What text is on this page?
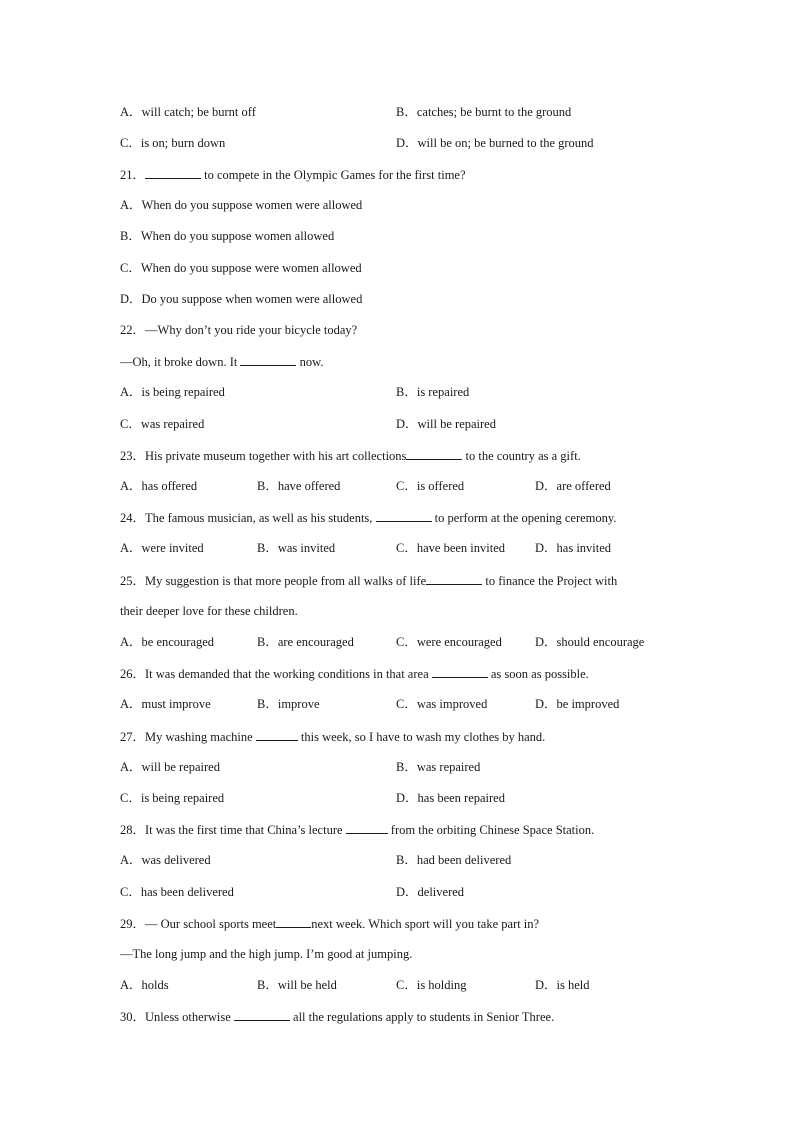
A．will catch; be burnt off	B．catches; be burnt to the ground
C．is on; burn down	D．will be on; be burned to the ground
21．	to compete in the Olympic Games for the first time?
A．When do you suppose women were allowed
B．When do you suppose women allowed
C．When do you suppose were women allowed
D．Do you suppose when women were allowed
22．—Why don’t you ride your bicycle today?
—Oh, it broke down. It	now.
A．is being repaired	B．is repaired
C．was repaired	D．will be repaired
23．His private museum together with his art collections	to the country as a gift.
A．has offered	B．have offered	C．is offered	D．are offered
24．The famous musician, as well as his students,	to perform at the opening ceremony.
A．were invited	B．was invited	C．have been invited D．has invited
25．My suggestion is that more people from all walks of life	to finance the Project with
their deeper love for these children.
A．be encouraged	B．are encouraged	C．were encouraged	D．should encourage
26．It was demanded that the working conditions in that area	as soon as possible.
A．must improve	B．improve	C．was improved	D．be improved
27．My washing machine	this week, so I have to wash my clothes by hand.
A．will be repaired	B．was repaired
C．is being repaired	D．has been repaired
28．It was the first time that China’s lecture	from the orbiting Chinese Space Station.
A．was delivered	B．had been delivered
C．has been delivered	D．delivered
29．— Our school sports meet	next week. Which sport will you take part in?
—The long jump and the high jump. I’m good at jumping.
A．holds	B．will be held	C．is holding	D．is held
30．Unless otherwise	all the regulations apply to students in Senior Three.
